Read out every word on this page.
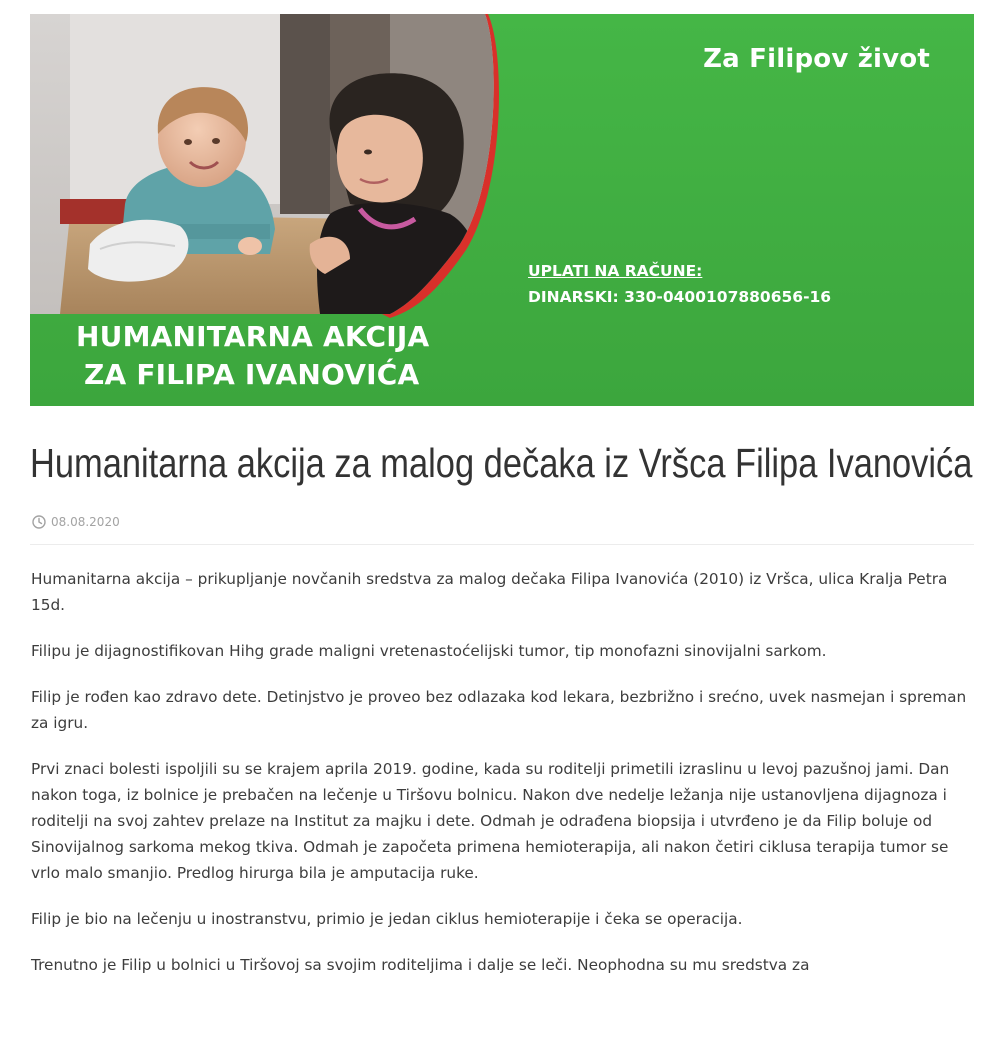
Za Filipov život
UPLATI NA RAČUNE:
DINARSKI: 330-0400107880656-16
HUMANITARNA AKCIJA
ZA FILIPA IVANOVIĆA
Humanitarna akcija za malog dečaka iz Vršca Filipa Ivanovića
08.08.2020

Humanitarna akcija – prikupljanje novčanih sredstva za malog dečaka Filipa Ivanovića (2010) iz Vršca, ulica Kralja Petra 15d.

Filipu je dijagnostifikovan Hihg grade maligni vretenastoćelijski tumor, tip monofazni sinovijalni sarkom.

Filip je rođen kao zdravo dete. Detinjstvo je proveo bez odlazaka kod lekara, bezbrižno i srećno, uvek nasmejan i spreman za igru.

Prvi znaci bolesti ispoljili su se krajem aprila 2019. godine, kada su roditelji primetili izraslinu u levoj pazušnoj jami. Dan nakon toga, iz bolnice je prebačen na lečenje u Tiršovu bolnicu. Nakon dve nedelje ležanja nije ustanovljena dijagnoza i roditelji na svoj zahtev prelaze na Institut za majku i dete. Odmah je odrađena biopsija i utvrđeno je da Filip boluje od Sinovijalnog sarkoma mekog tkiva. Odmah je započeta primena hemioterapija, ali nakon četiri ciklusa terapija tumor se vrlo malo smanjio. Predlog hirurga bila je amputacija ruke.

Filip je bio na lečenju u inostranstvu, primio je jedan ciklus hemioterapije i čeka se operacija.

Trenutno je Filip u bolnici u Tiršovoj sa svojim roditeljima i dalje se leči. Neophodna su mu sredstva za
